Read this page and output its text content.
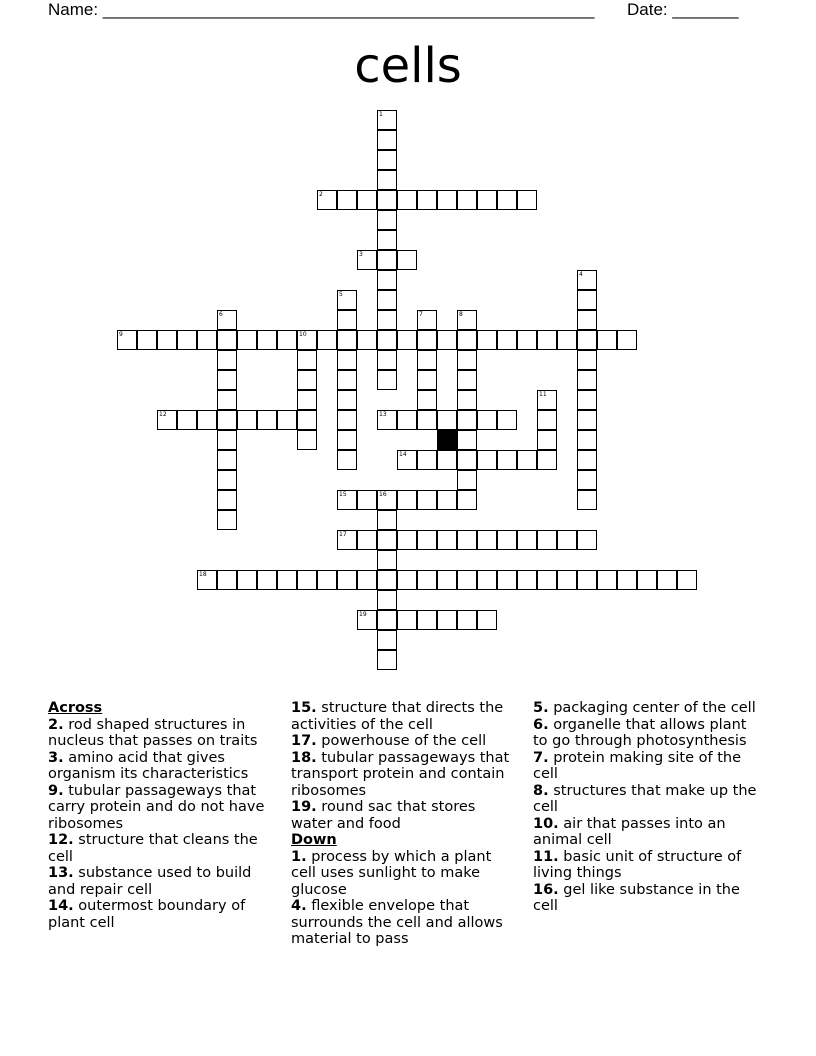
Name: ____________________________________________________ Date: _______
cells
1
2
3
4
5
6	7	8
9	10
11
12	13
14
15	16
17
18
19
Across
2. rod shaped structures in nucleus that passes on traits
3. amino acid that gives organism its characteristics
9. tubular passageways that carry protein and do not have ribosomes
12. structure that cleans the cell
13. substance used to build and repair cell
14. outermost boundary of plant cell
15. structure that directs the activities of the cell
17. powerhouse of the cell
18. tubular passageways that transport protein and contain ribosomes
19. round sac that stores water and food
Down
1. process by which a plant cell uses sunlight to make glucose
4. flexible envelope that surrounds the cell and allows material to pass
5. packaging center of the cell
6. organelle that allows plant to go through photosynthesis
7. protein making site of the cell
8. structures that make up the cell
10. air that passes into an animal cell
11. basic unit of structure of living things
16. gel like substance in the cell
